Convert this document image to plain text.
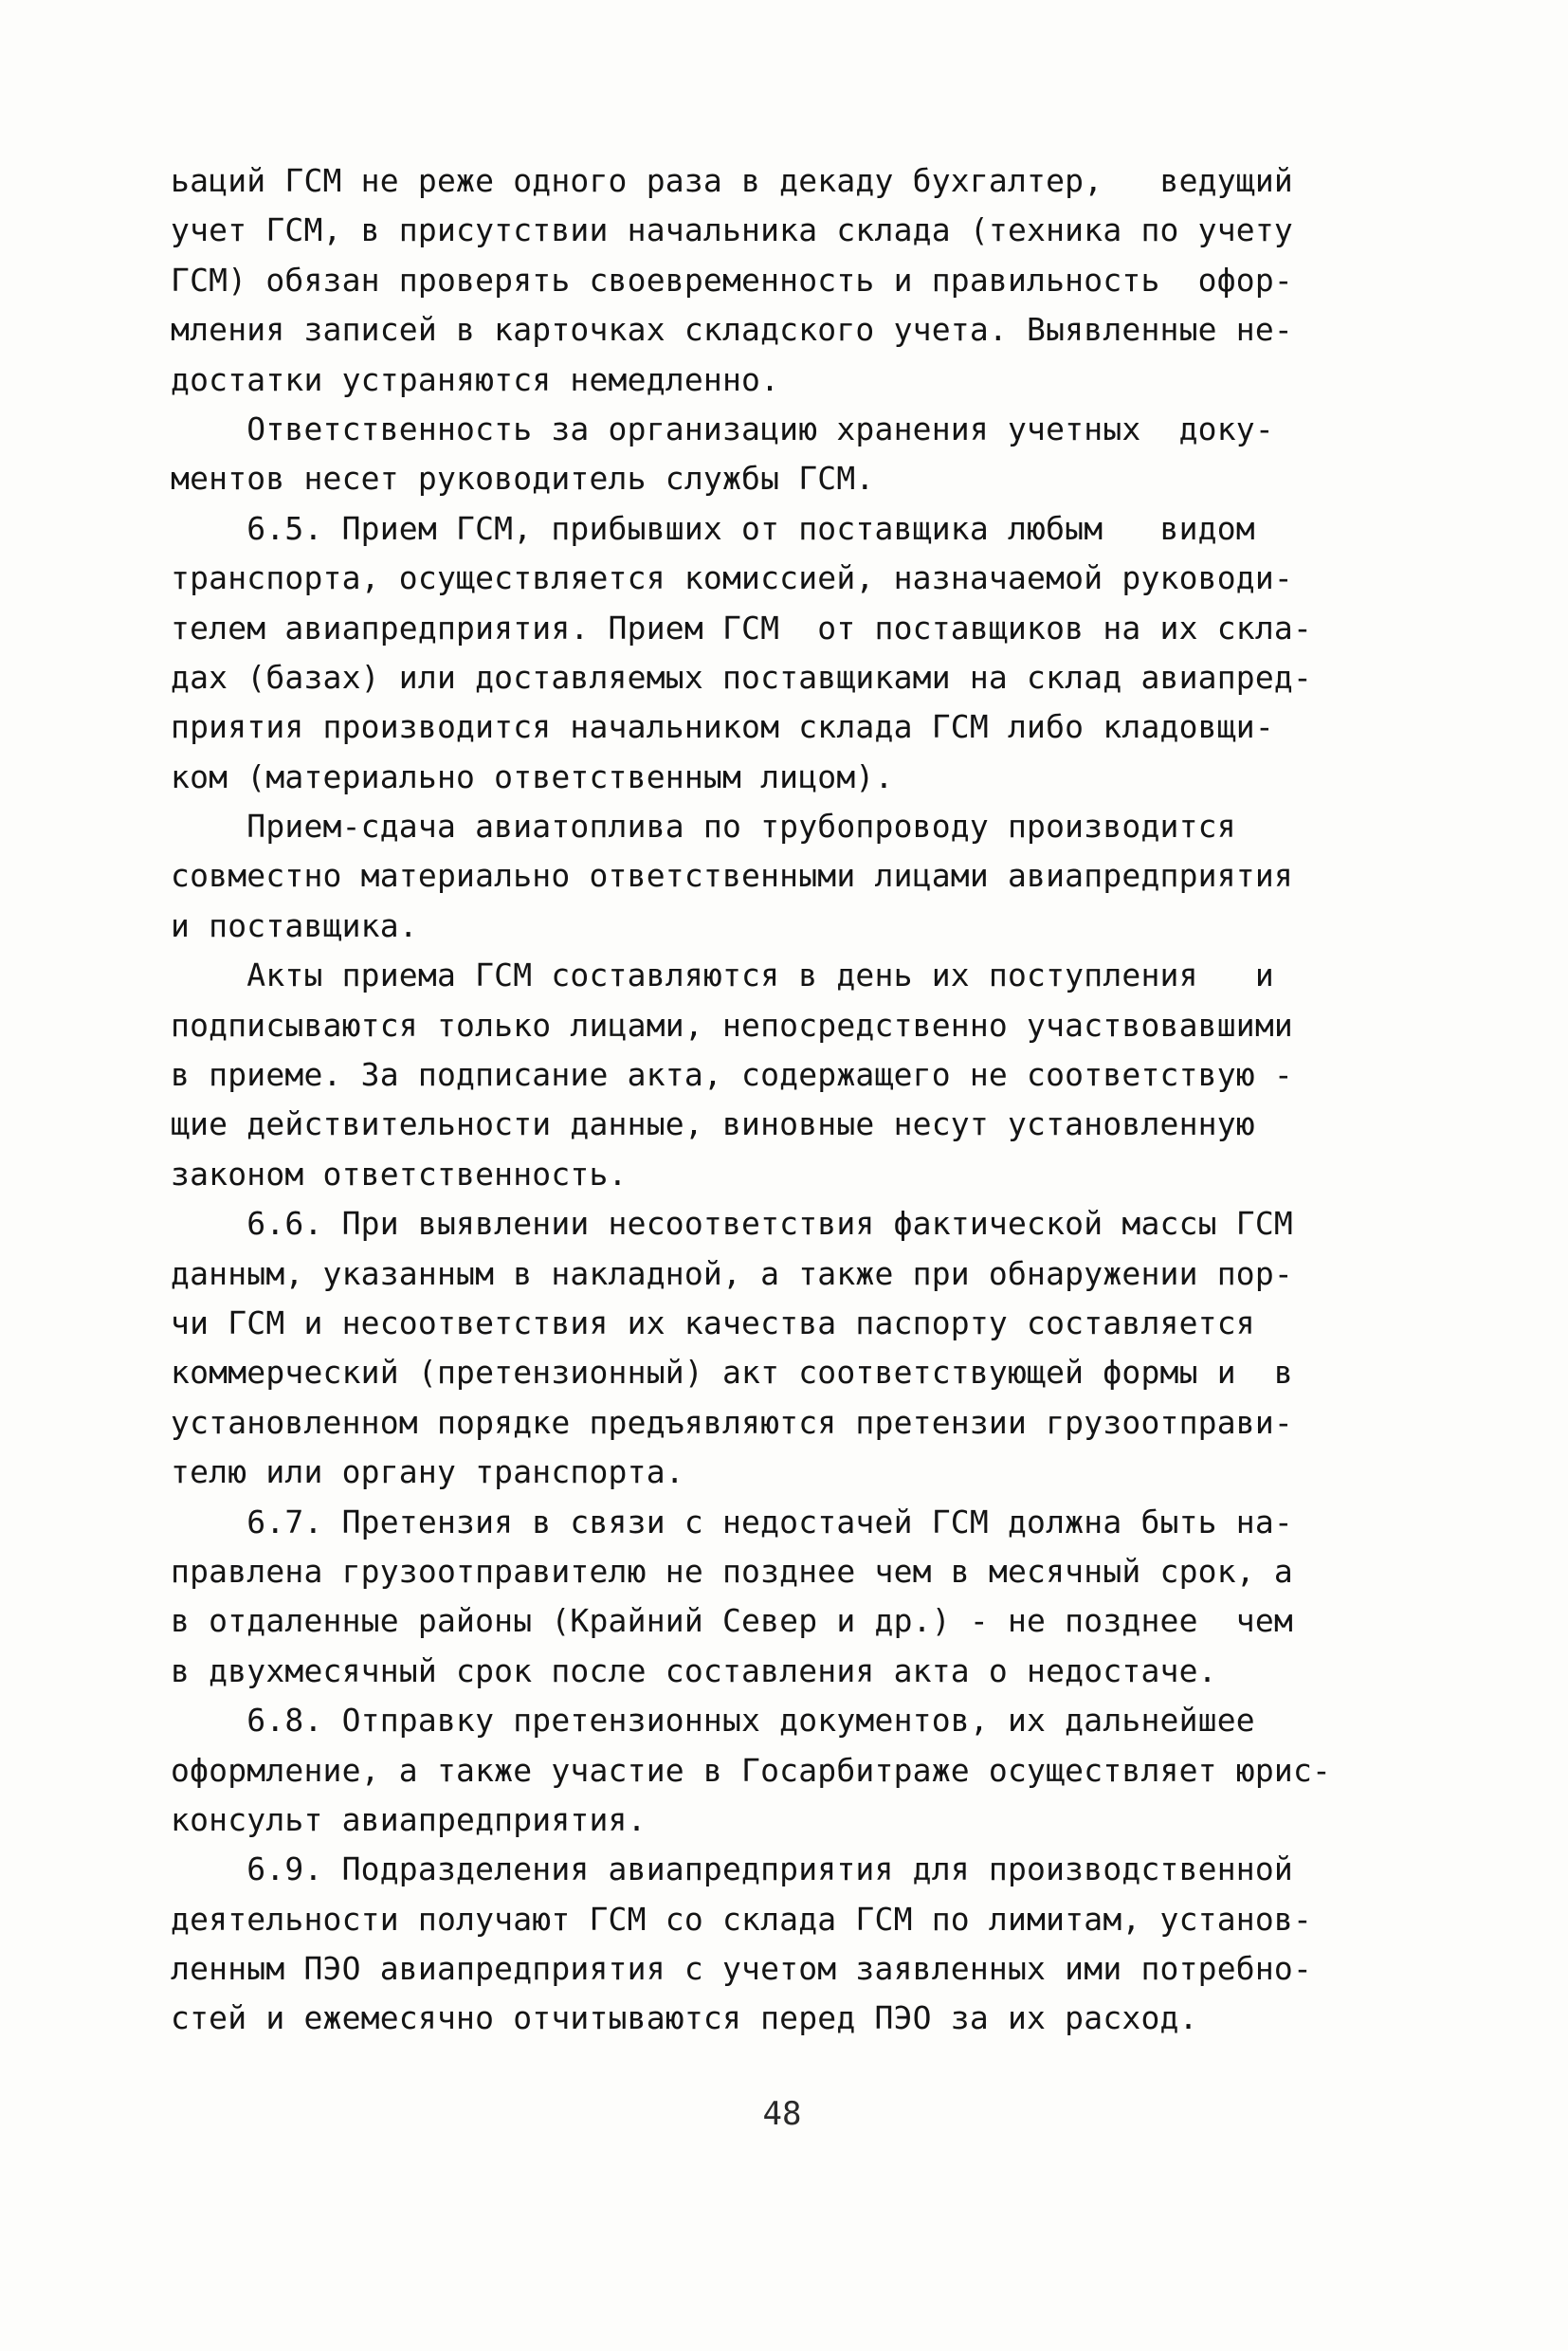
ьаций ГСМ не реже одного раза в декаду бухгалтер,   ведущий
учет ГСМ, в присутствии начальника склада (техника по учету
ГСМ) обязан проверять своевременность и правильность  офор-
мления записей в карточках складского учета. Выявленные не-
достатки устраняются немедленно.
Ответственность за организацию хранения учетных  доку-
ментов несет руководитель службы ГСМ.
6.5. Прием ГСМ, прибывших от поставщика любым   видом
транспорта, осуществляется комиссией, назначаемой руководи-
телем авиапредприятия. Прием ГСМ  от поставщиков на их скла-
дах (базах) или доставляемых поставщиками на склад авиапред-
приятия производится начальником склада ГСМ либо кладовщи-
ком (материально ответственным лицом).
Прием-сдача авиатоплива по трубопроводу производится
совместно материально ответственными лицами авиапредприятия
и поставщика.
Акты приема ГСМ составляются в день их поступления   и
подписываются только лицами, непосредственно участвовавшими
в приеме. За подписание акта, содержащего не соответствую -
щие действительности данные, виновные несут установленную
законом ответственность.
6.6. При выявлении несоответствия фактической массы ГСМ
данным, указанным в накладной, а также при обнаружении пор-
чи ГСМ и несоответствия их качества паспорту составляется
коммерческий (претензионный) акт соответствующей формы и  в
установленном порядке предъявляются претензии грузоотправи-
телю или органу транспорта.
6.7. Претензия в связи с недостачей ГСМ должна быть на-
правлена грузоотправителю не позднее чем в месячный срок, а
в отдаленные районы (Крайний Север и др.) - не позднее  чем
в двухмесячный срок после составления акта о недостаче.
6.8. Отправку претензионных документов, их дальнейшее
оформление, а также участие в Госарбитраже осуществляет юрис-
консульт авиапредприятия.
6.9. Подразделения авиапредприятия для производственной
деятельности получают ГСМ со склада ГСМ по лимитам, установ-
ленным ПЭО авиапредприятия с учетом заявленных ими потребно-
стей и ежемесячно отчитываются перед ПЭО за их расход.
48
